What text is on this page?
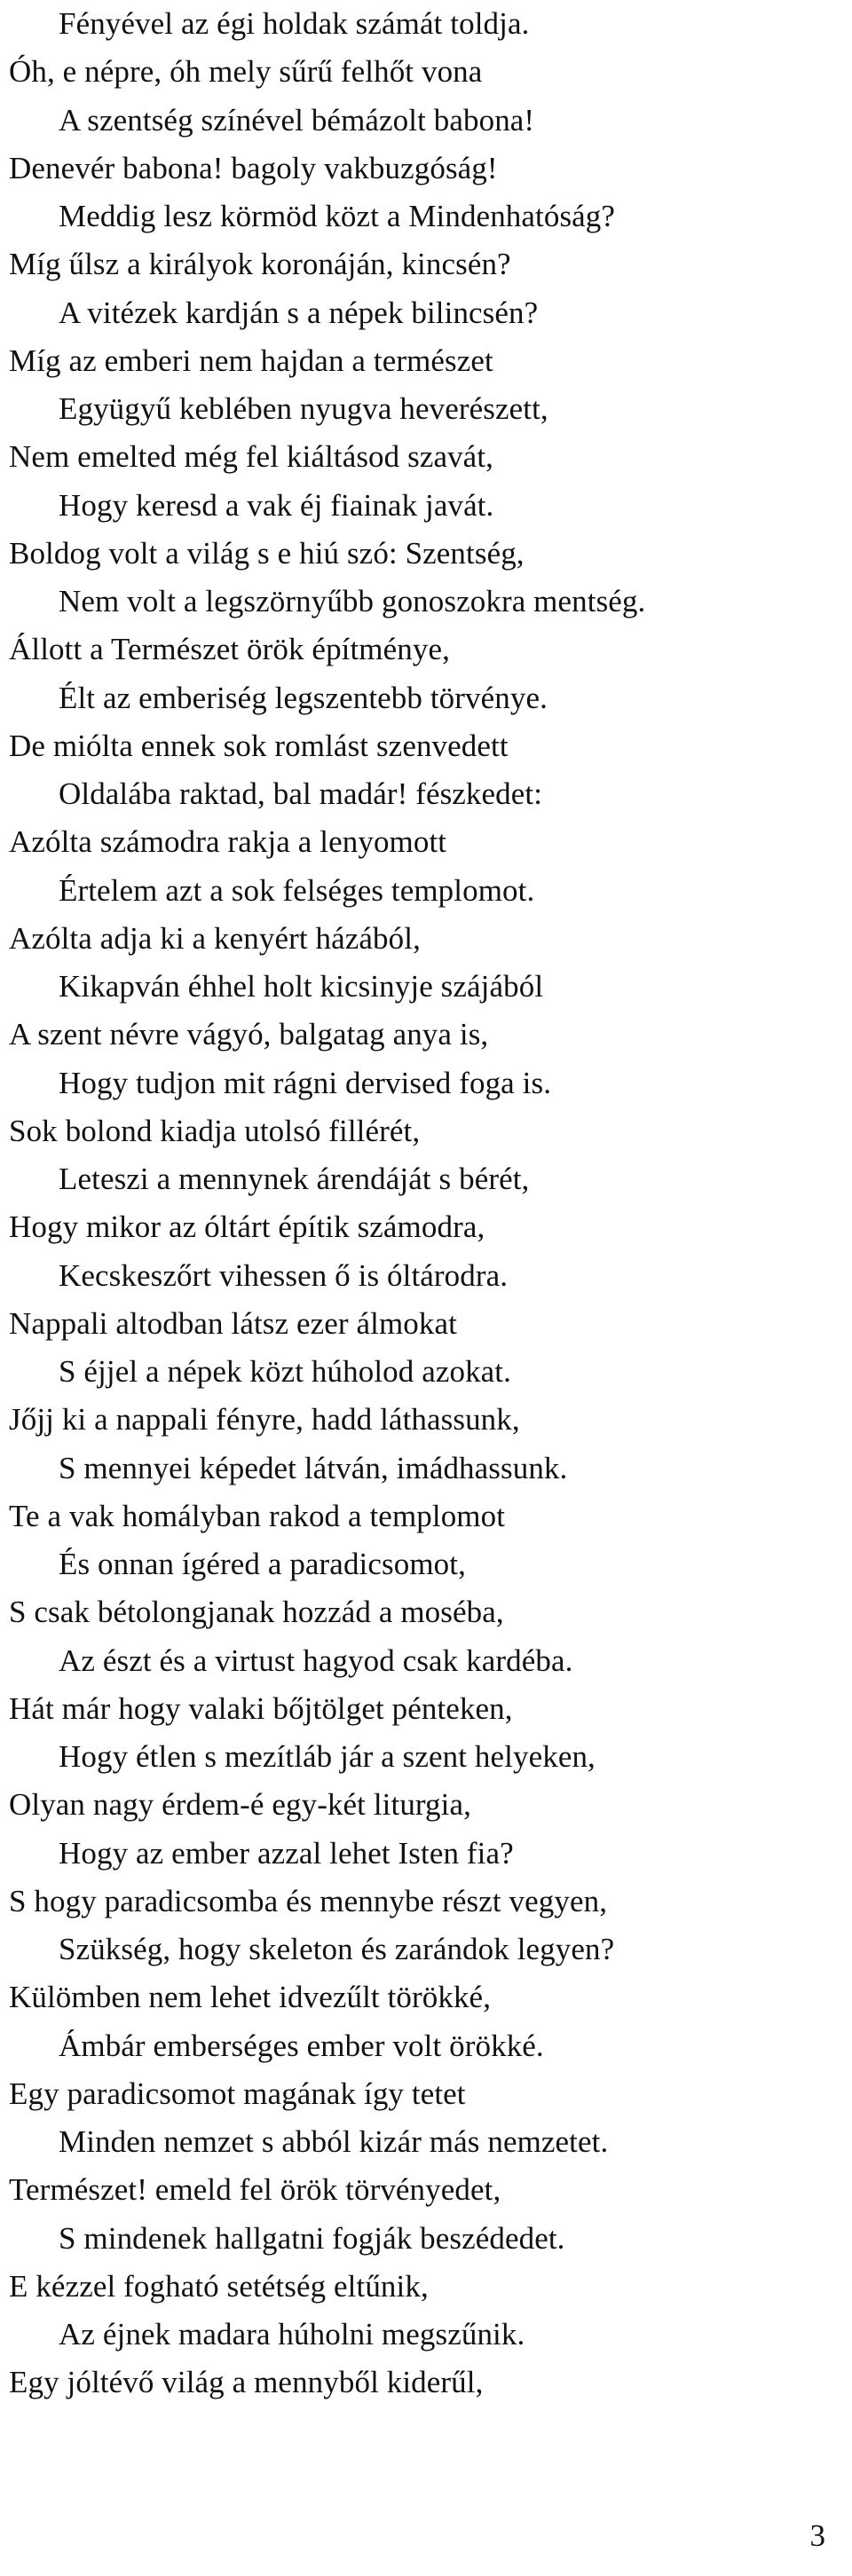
Fényével az égi holdak számát toldja.
Óh, e népre, óh mely sűrű felhőt vona
A szentség színével bémázolt babona!
Denevér babona! bagoly vakbuzgóság!
Meddig lesz körmöd közt a Mindenhatóság?
Míg űlsz a királyok koronáján, kincsén?
A vitézek kardján s a népek bilincsén?
Míg az emberi nem hajdan a természet
Együgyű keblében nyugva heverészett,
Nem emelted még fel kiáltásod szavát,
Hogy keresd a vak éj fiainak javát.
Boldog volt a világ s e hiú szó: Szentség,
Nem volt a legszörnyűbb gonoszokra mentség.
Állott a Természet örök építménye,
Élt az emberiség legszentebb törvénye.
De miólta ennek sok romlást szenvedett
Oldalába raktad, bal madár! fészkedet:
Azólta számodra rakja a lenyomott
Értelem azt a sok felséges templomot.
Azólta adja ki a kenyért házából,
Kikapván éhhel holt kicsinyje szájából
A szent névre vágyó, balgatag anya is,
Hogy tudjon mit rágni dervised foga is.
Sok bolond kiadja utolsó fillérét,
Leteszi a mennynek árendáját s bérét,
Hogy mikor az óltárt építik számodra,
Kecskeszőrt vihessen ő is óltárodra.
Nappali altodban látsz ezer álmokat
S éjjel a népek közt húholod azokat.
Jőjj ki a nappali fényre, hadd láthassunk,
S mennyei képedet látván, imádhassunk.
Te a vak homályban rakod a templomot
És onnan ígéred a paradicsomot,
S csak bétolongjanak hozzád a moséba,
Az észt és a virtust hagyod csak kardéba.
Hát már hogy valaki bőjtölget pénteken,
Hogy étlen s mezítláb jár a szent helyeken,
Olyan nagy érdem-é egy-két liturgia,
Hogy az ember azzal lehet Isten fia?
S hogy paradicsomba és mennybe részt vegyen,
Szükség, hogy skeleton és zarándok legyen?
Külömben nem lehet idvezűlt törökké,
Ámbár emberséges ember volt örökké.
Egy paradicsomot magának így tetet
Minden nemzet s abból kizár más nemzetet.
Természet! emeld fel örök törvényedet,
S mindenek hallgatni fogják beszédedet.
E kézzel fogható setétség eltűnik,
Az éjnek madara húholni megszűnik.
Egy jóltévő világ a mennyből kiderűl,
3
